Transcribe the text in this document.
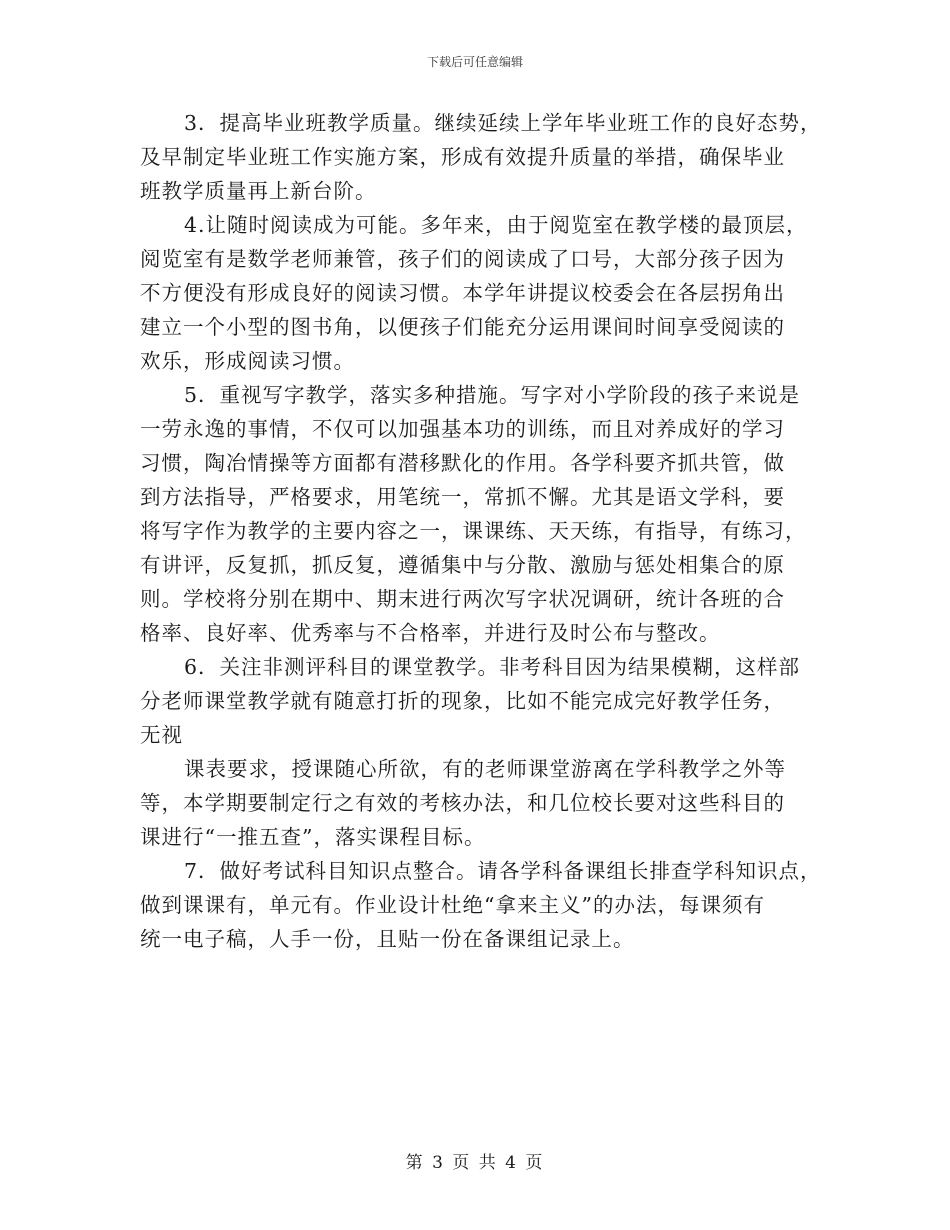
下载后可任意编辑
3．提高毕业班教学质量。继续延续上学年毕业班工作的良好态势，
及早制定毕业班工作实施方案，形成有效提升质量的举措，确保毕业
班教学质量再上新台阶。
4.让随时阅读成为可能。多年来，由于阅览室在教学楼的最顶层，
阅览室有是数学老师兼管，孩子们的阅读成了口号，大部分孩子因为
不方便没有形成良好的阅读习惯。本学年讲提议校委会在各层拐角出
建立一个小型的图书角，以便孩子们能充分运用课间时间享受阅读的
欢乐，形成阅读习惯。
5．重视写字教学，落实多种措施。写字对小学阶段的孩子来说是
一劳永逸的事情，不仅可以加强基本功的训练，而且对养成好的学习
习惯，陶冶情操等方面都有潜移默化的作用。各学科要齐抓共管，做
到方法指导，严格要求，用笔统一，常抓不懈。尤其是语文学科，要
将写字作为教学的主要内容之一，课课练、天天练，有指导，有练习，
有讲评，反复抓，抓反复，遵循集中与分散、激励与惩处相集合的原
则。学校将分别在期中、期末进行两次写字状况调研，统计各班的合
格率、良好率、优秀率与不合格率，并进行及时公布与整改。
6．关注非测评科目的课堂教学。非考科目因为结果模糊，这样部
分老师课堂教学就有随意打折的现象，比如不能完成完好教学任务，
无视
课表要求，授课随心所欲，有的老师课堂游离在学科教学之外等
等，本学期要制定行之有效的考核办法，和几位校长要对这些科目的
课进行“一推五查”，落实课程目标。
7．做好考试科目知识点整合。请各学科备课组长排查学科知识点，
做到课课有，单元有。作业设计杜绝“拿来主义”的办法，每课须有
统一电子稿，人手一份，且贴一份在备课组记录上。
第 3 页 共 4 页
